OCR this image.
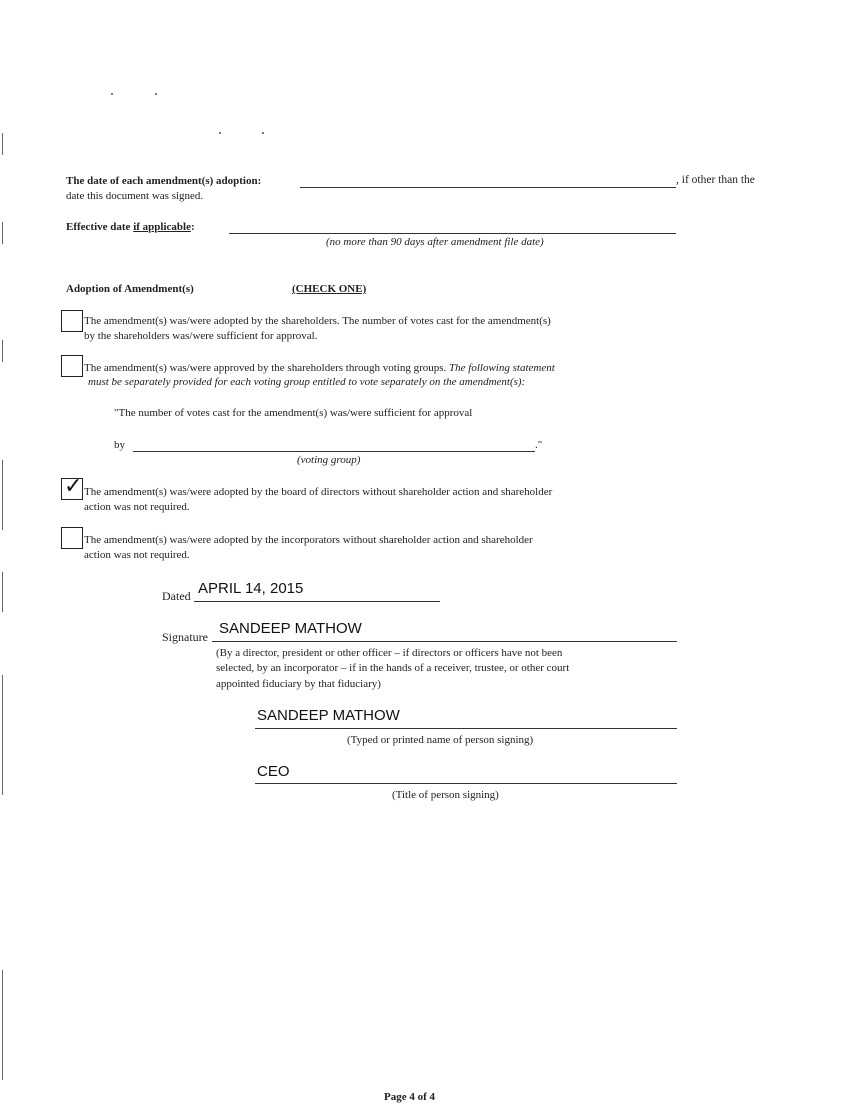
The date of each amendment(s) adoption:	, if other than the
date this document was signed.
Effective date if applicable:
(no more than 90 days after amendment file date)
Adoption of Amendment(s)	(CHECK ONE)
The amendment(s) was/were adopted by the shareholders. The number of votes cast for the amendment(s)
by the shareholders was/were sufficient for approval.
The amendment(s) was/were approved by the shareholders through voting groups. The following statement
must be separately provided for each voting group entitled to vote separately on the amendment(s):
"The number of votes cast for the amendment(s) was/were sufficient for approval
by	."
(voting group)
✓ The amendment(s) was/were adopted by the board of directors without shareholder action and shareholder
action was not required.
The amendment(s) was/were adopted by the incorporators without shareholder action and shareholder
action was not required.
Dated APRIL 14, 2015
Signature SANDEEP MATHOW
(By a director, president or other officer – if directors or officers have not been
selected, by an incorporator – if in the hands of a receiver, trustee, or other court
appointed fiduciary by that fiduciary)
SANDEEP MATHOW
(Typed or printed name of person signing)
CEO
(Title of person signing)
Page 4 of 4
